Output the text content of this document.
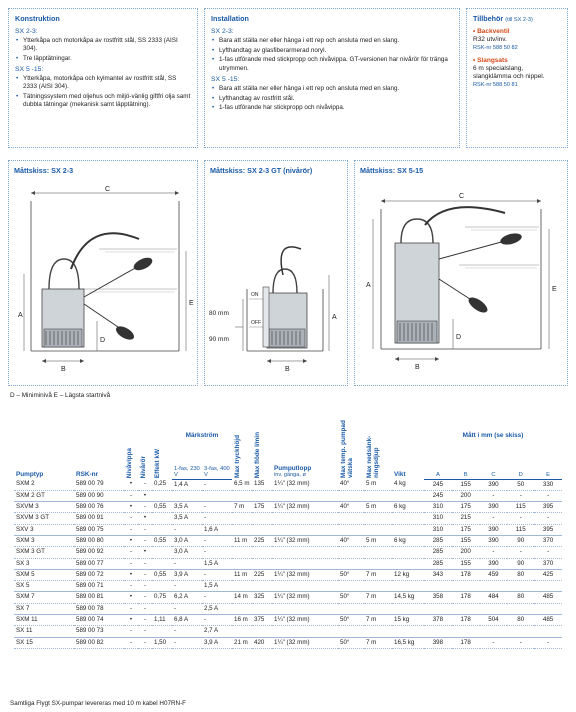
Konstruktion
SX 2-3:
• Ytterkåpa och motorkåpa av rostfritt stål, SS 2333 (AISI 304).
• Tre läpptätningar.
SX 5 -15:
• Ytterkåpa, motorkåpa och kylmantel av rostfritt stål, SS 2333 (AISI 304).
• Tätningssystem med oljehus och miljö-vänlig giftfri olja samt dubbla tätningar (mekanisk samt läpptätning).
Installation
SX 2-3:
• Bara att ställa ner eller hänga i ett rep och ansluta med en slang.
• Lyfthandtag av glasfiberarmerad noryl.
• 1-fas utförande med stickpropp och nivåvippa. GT-versionen har nivårör för tränga utrymmen.
SX 5 -15:
• Bara att ställa ner eller hänga i ett rep och ansluta med en slang.
• Lyfthandtag av rostfritt stål.
• 1-fas utförande har stickpropp och nivåvippa.
Tillbehör (till SX 2-3)
• Backventil
R32 utv/inv.
RSK-nr 588 50 82
• Slangsats
6 m specialslang, slangklämma och nippel.
RSK-nr 588 50 81
Måttskiss: SX 2-3
C
A
B
D
E
Måttskiss: SX 2-3 GT (nivårör)
ON
OFF
80 mm
90 mm
A
B
Måttskiss: SX 5-15
C
A
B
D
E
D – Miniminivå E – Lägsta startnivå
Pumptyp	RSK-nr	Nivåvippa	Nivårör	Effekt kW	Märkström		Max tryckhöjd	Max flöde l/min	Pumputlopp
inv. gänga, ø	Max temp. pumpad vätska	Max nedsänk-ningsdjup	Vikt	Mått i mm (se skiss)				
					1-fas, 230 V	3-fas, 400 V							A	B	C	D	E
SXM 2	589 00 79	•	-	0,25	1,4 A	-	6,5 m	135	1¼" (32 mm)	40°	5 m	4 kg	245	155	390	50	330
SXM 2 GT	589 00 90	-	•										245	200	-	-	-
SXVM 3	589 00 76	•	-	0,55	3,5 A	-	7 m	175	1¼" (32 mm)	40°	5 m	6 kg	310	175	390	115	395
SXVM 3 GT	589 00 91	-	•		3,5 A	-							310	215	-	-	-
SXV 3	589 00 75	-	-		-	1,6 A							310	175	390	115	395
SXM 3	589 00 80	•	-	0,55	3,0 A	-	11 m	225	1¼" (32 mm)	40°	5 m	6 kg	285	155	390	90	370
SXM 3 GT	589 00 92	-	•		3,0 A	-							285	200	-	-	-
SX 3	589 00 77	-	-		-	1,5 A							285	155	390	90	370
SXM 5	589 00 72	•	-	0,55	3,9 A	-	11 m	225	1¼" (32 mm)	50°	7 m	12 kg	343	178	459	80	425
SX 5	589 00 71	-	-		-	1,5 A											
SXM 7	589 00 81	•	-	0,75	6,2 A	-	14 m	325	1¼" (32 mm)	50°	7 m	14,5 kg	358	178	484	80	485
SX 7	589 00 78	-	-		-	2,5 A											
SXM 11	589 00 74	•	-	1,11	6,8 A	-	16 m	375	1¼" (32 mm)	50°	7 m	15 kg	378	178	504	80	485
SX 11	589 00 73	-	-		-	2,7 A											
SX 15	589 00 82	-	-	1,50	-	3,9 A	21 m	420	1¼" (32 mm)	50°	7 m	16,5 kg	398	178	-	-	-
Samtliga Flygt SX-pumpar levereras med 10 m kabel H07RN-F
